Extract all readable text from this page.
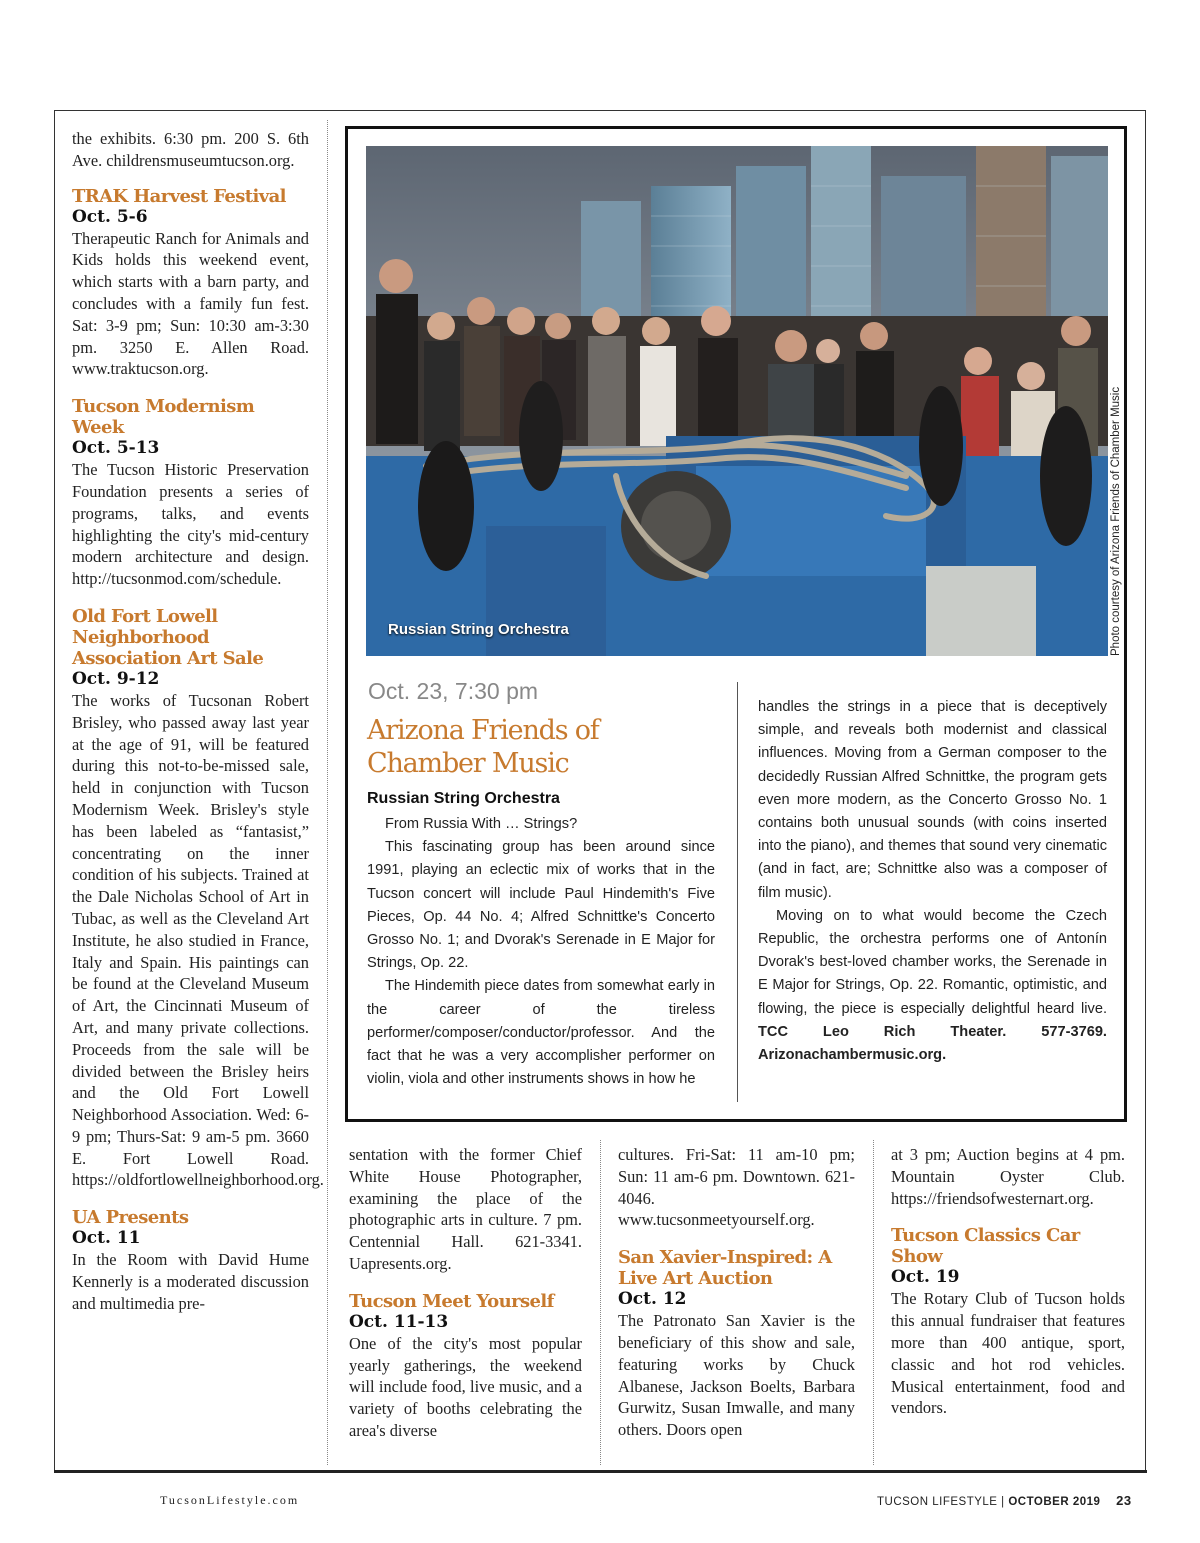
the exhibits. 6:30 pm. 200 S. 6th Ave. childrensmuseumtucson.org.

TRAK Harvest Festival
Oct. 5-6

Therapeutic Ranch for Animals and Kids holds this weekend event, which starts with a barn party, and concludes with a family fun fest. Sat: 3-9 pm; Sun: 10:30 am-3:30 pm. 3250 E. Allen Road. www.traktucson.org.

Tucson Modernism Week
Oct. 5-13

The Tucson Historic Preservation Foundation presents a series of programs, talks, and events highlighting the city's mid-century modern architecture and design. http://tucsonmod.com/schedule.

Old Fort Lowell Neighborhood Association Art Sale
Oct. 9-12

The works of Tucsonan Robert Brisley, who passed away last year at the age of 91, will be featured during this not-to-be-missed sale, held in conjunction with Tucson Modernism Week. Brisley's style has been labeled as “fantasist,” concentrating on the inner condition of his subjects. Trained at the Dale Nicholas School of Art in Tubac, as well as the Cleveland Art Institute, he also studied in France, Italy and Spain. His paintings can be found at the Cleveland Museum of Art, the Cincinnati Museum of Art, and many private collections. Proceeds from the sale will be divided between the Brisley heirs and the Old Fort Lowell Neighborhood Association. Wed: 6-9 pm; Thurs-Sat: 9 am-5 pm. 3660 E. Fort Lowell Road. https://oldfortlowellneighborhood.org.

UA Presents
Oct. 11

In the Room with David Hume Kennerly is a moderated discussion and multimedia pre-

Russian String Orchestra	Photo courtesy of Arizona Friends of Chamber Music
Oct. 23, 7:30 pm
Arizona Friends of Chamber Music
Russian String Orchestra

From Russia With … Strings?

This fascinating group has been around since 1991, playing an eclectic mix of works that in the Tucson concert will include Paul Hindemith's Five Pieces, Op. 44 No. 4; Alfred Schnittke's Concerto Grosso No. 1; and Dvorak's Serenade in E Major for Strings, Op. 22.

The Hindemith piece dates from somewhat early in the career of the tireless performer/composer/conductor/professor. And the fact that he was a very accomplisher performer on violin, viola and other instruments shows in how he

handles the strings in a piece that is deceptively simple, and reveals both modernist and classical influences. Moving from a German composer to the decidedly Russian Alfred Schnittke, the program gets even more modern, as the Concerto Grosso No. 1 contains both unusual sounds (with coins inserted into the piano), and themes that sound very cinematic (and in fact, are; Schnittke also was a composer of film music).

Moving on to what would become the Czech Republic, the orchestra performs one of Antonín Dvorak's best-loved chamber works, the Serenade in E Major for Strings, Op. 22. Romantic, optimistic, and flowing, the piece is especially delightful heard live. TCC Leo Rich Theater. 577-3769. Arizonachambermusic.org.

sentation with the former Chief White House Photographer, examining the place of the photographic arts in culture. 7 pm. Centennial Hall. 621-3341. Uapresents.org.

Tucson Meet Yourself
Oct. 11-13

One of the city's most popular yearly gatherings, the weekend will include food, live music, and a variety of booths celebrating the area's diverse

cultures. Fri-Sat: 11 am-10 pm; Sun: 11 am-6 pm. Downtown. 621-4046. www.tucsonmeetyourself.org.

San Xavier-Inspired: A Live Art Auction
Oct. 12

The Patronato San Xavier is the beneficiary of this show and sale, featuring works by Chuck Albanese, Jackson Boelts, Barbara Gurwitz, Susan Imwalle, and many others. Doors open

at 3 pm; Auction begins at 4 pm. Mountain Oyster Club. https://friendsofwesternart.org.

Tucson Classics Car Show
Oct. 19

The Rotary Club of Tucson holds this annual fundraiser that features more than 400 antique, sport, classic and hot rod vehicles. Musical entertainment, food and vendors.

TucsonLifestyle.com	TUCSON LIFESTYLE | OCTOBER 2019 23
